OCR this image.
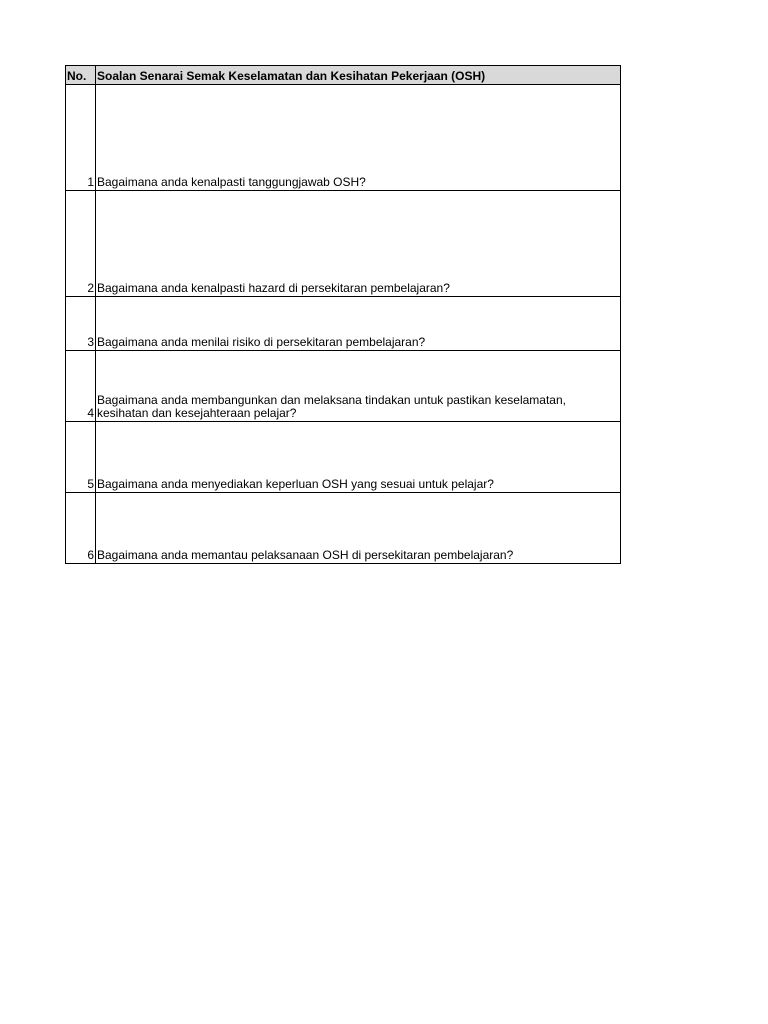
No.	Soalan Senarai Semak Keselamatan dan Kesihatan Pekerjaan (OSH)
1	Bagaimana anda kenalpasti tanggungjawab OSH?
2	Bagaimana anda kenalpasti hazard di persekitaran pembelajaran?
3	Bagaimana anda menilai risiko di persekitaran pembelajaran?
4	Bagaimana anda membangunkan dan melaksana tindakan untuk pastikan keselamatan, kesihatan dan kesejahteraan pelajar?
5	Bagaimana anda menyediakan keperluan OSH yang sesuai untuk pelajar?
6	Bagaimana anda memantau pelaksanaan OSH di persekitaran pembelajaran?
